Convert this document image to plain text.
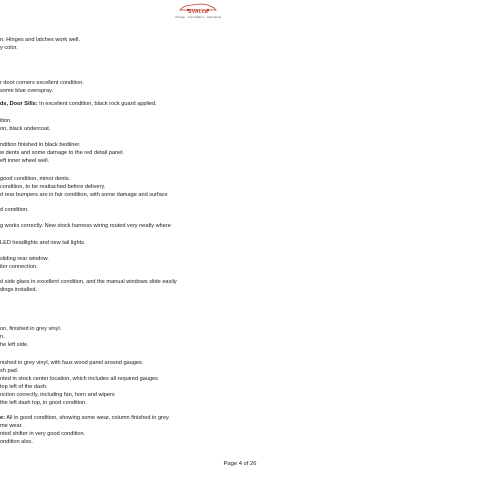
SVAI.ca
Vintage · Consultation · Appraising
n. Hinges and latches work well.
y color.
r door corners excellent condition.
some blue overspray.
ds, Door Sills: In excellent condition, black rock guard applied.
ition.
on, black undercoat.
ndition finished in black bedliner.
w dents and some damage to the red detail panel.
eft inner wheel well.
good condition, minor dents.
condition, to be reattached before delivery.
d rear bumpers are in fair condition, with some damage and surface
d condition.
g works correctly. New stock harness wiring routed very neatly where
LED headlights and new tail lights.
sliding rear window.
iler connection.
d side glass in excellent condition, and the manual windows slide easily
dings installed.
on, finished in grey vinyl.
n.
he left side.
nished in grey vinyl, with faux wood panel around gauges.
sh pad.
nted in stock center location, which includes all required gauges
top left of the dash.
nction correctly, including fan, horn and wipers
the left dash top, in good condition.
e: All in good condition, showing some wear, column finished in grey.
me wear.
nted shifter in very good condition.
ondition also.
Page 4 of 26
